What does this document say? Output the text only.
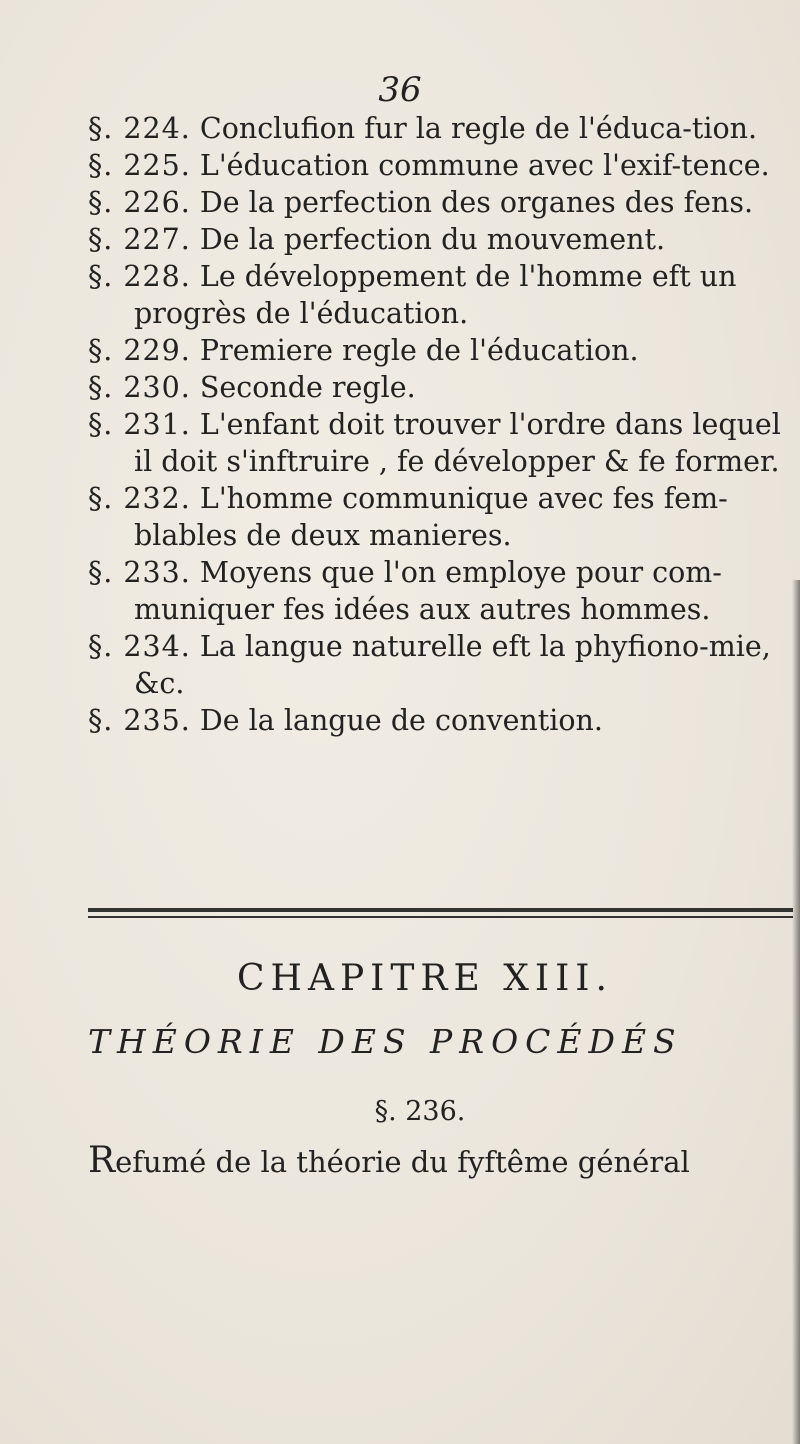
36

§. 224. Conclufion fur la regle de l'éduca-tion.

§. 225. L'éducation commune avec l'exif-tence.

§. 226. De la perfection des organes des fens.

§. 227. De la perfection du mouvement.

§. 228. Le développement de l'homme eft un progrès de l'éducation.

§. 229. Premiere regle de l'éducation.

§. 230. Seconde regle.

§. 231. L'enfant doit trouver l'ordre dans lequel il doit s'inftruire , fe développer & fe former.

§. 232. L'homme communique avec fes fem-blables de deux manieres.

§. 233. Moyens que l'on employe pour com-muniquer fes idées aux autres hommes.

§. 234. La langue naturelle eft la phyfiono-mie, &c.

§. 235. De la langue de convention.

CHAPITRE XIII.
THÉORIE DES PROCÉDÉS
§. 236.
Refumé de la théorie du fyftême général
